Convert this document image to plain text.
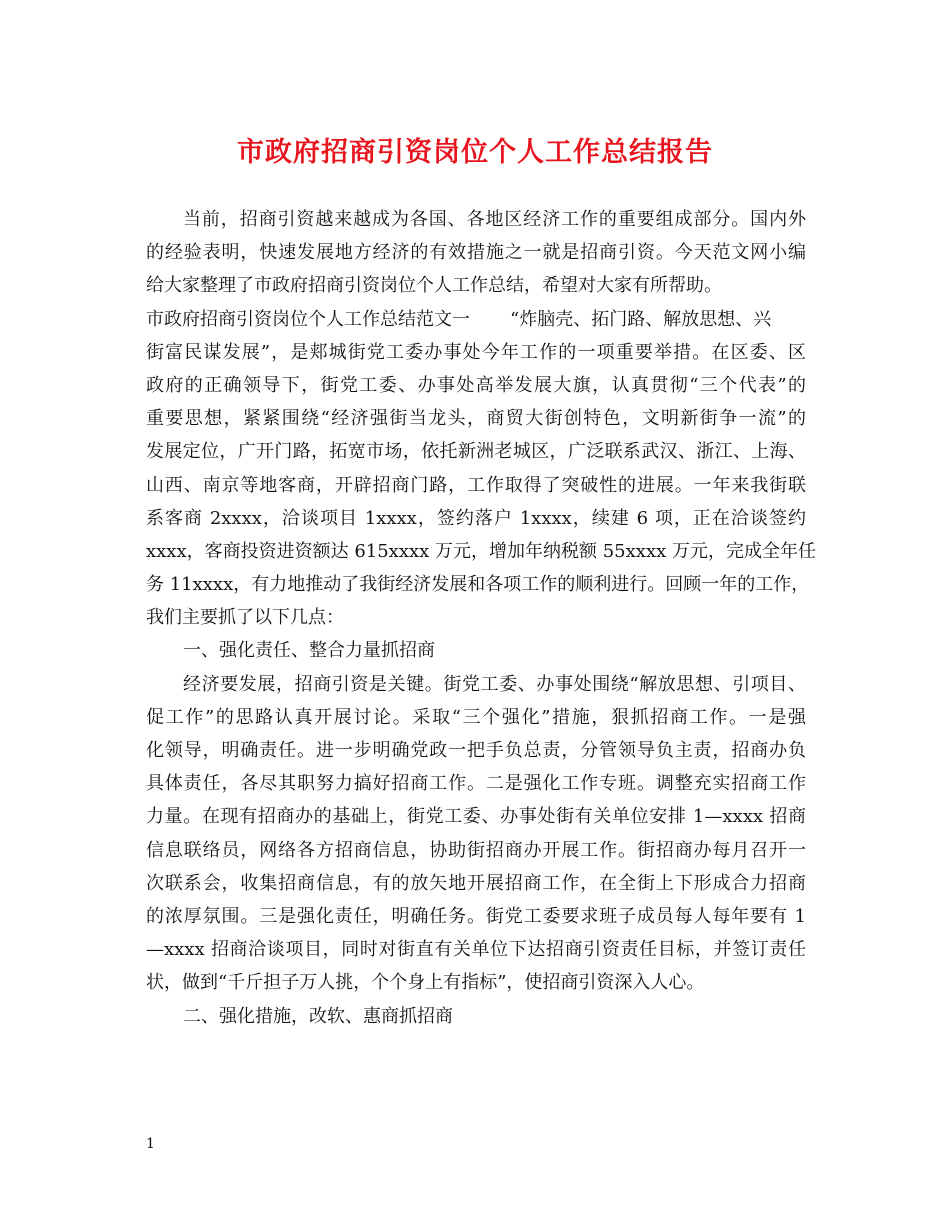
市政府招商引资岗位个人工作总结报告
当前，招商引资越来越成为各国、各地区经济工作的重要组成部分。国内外
的经验表明，快速发展地方经济的有效措施之一就是招商引资。今天范文网小编
给大家整理了市政府招商引资岗位个人工作总结，希望对大家有所帮助。
市政府招商引资岗位个人工作总结范文一 “炸脑壳、拓门路、解放思想、兴
街富民谋发展”，是郏城街党工委办事处今年工作的一项重要举措。在区委、区
政府的正确领导下，街党工委、办事处高举发展大旗，认真贯彻“三个代表”的
重要思想，紧紧围绕“经济强街当龙头，商贸大街创特色，文明新街争一流”的
发展定位，广开门路，拓宽市场，依托新洲老城区，广泛联系武汉、浙江、上海、
山西、南京等地客商，开辟招商门路，工作取得了突破性的进展。一年来我街联
系客商 2xxxx，洽谈项目 1xxxx，签约落户 1xxxx，续建 6 项，正在洽谈签约
xxxx，客商投资进资额达 615xxxx 万元，增加年纳税额 55xxxx 万元，完成全年任
务 11xxxx，有力地推动了我街经济发展和各项工作的顺利进行。回顾一年的工作，
我们主要抓了以下几点：
一、强化责任、整合力量抓招商
经济要发展，招商引资是关键。街党工委、办事处围绕“解放思想、引项目、
促工作”的思路认真开展讨论。采取“三个强化”措施，狠抓招商工作。一是强
化领导，明确责任。进一步明确党政一把手负总责，分管领导负主责，招商办负
具体责任，各尽其职努力搞好招商工作。二是强化工作专班。调整充实招商工作
力量。在现有招商办的基础上，街党工委、办事处街有关单位安排 1—xxxx 招商
信息联络员，网络各方招商信息，协助街招商办开展工作。街招商办每月召开一
次联系会，收集招商信息，有的放矢地开展招商工作，在全街上下形成合力招商
的浓厚氛围。三是强化责任，明确任务。街党工委要求班子成员每人每年要有 1
—xxxx 招商洽谈项目，同时对街直有关单位下达招商引资责任目标，并签订责任
状，做到“千斤担子万人挑，个个身上有指标”，使招商引资深入人心。
二、强化措施，改软、惠商抓招商
1
